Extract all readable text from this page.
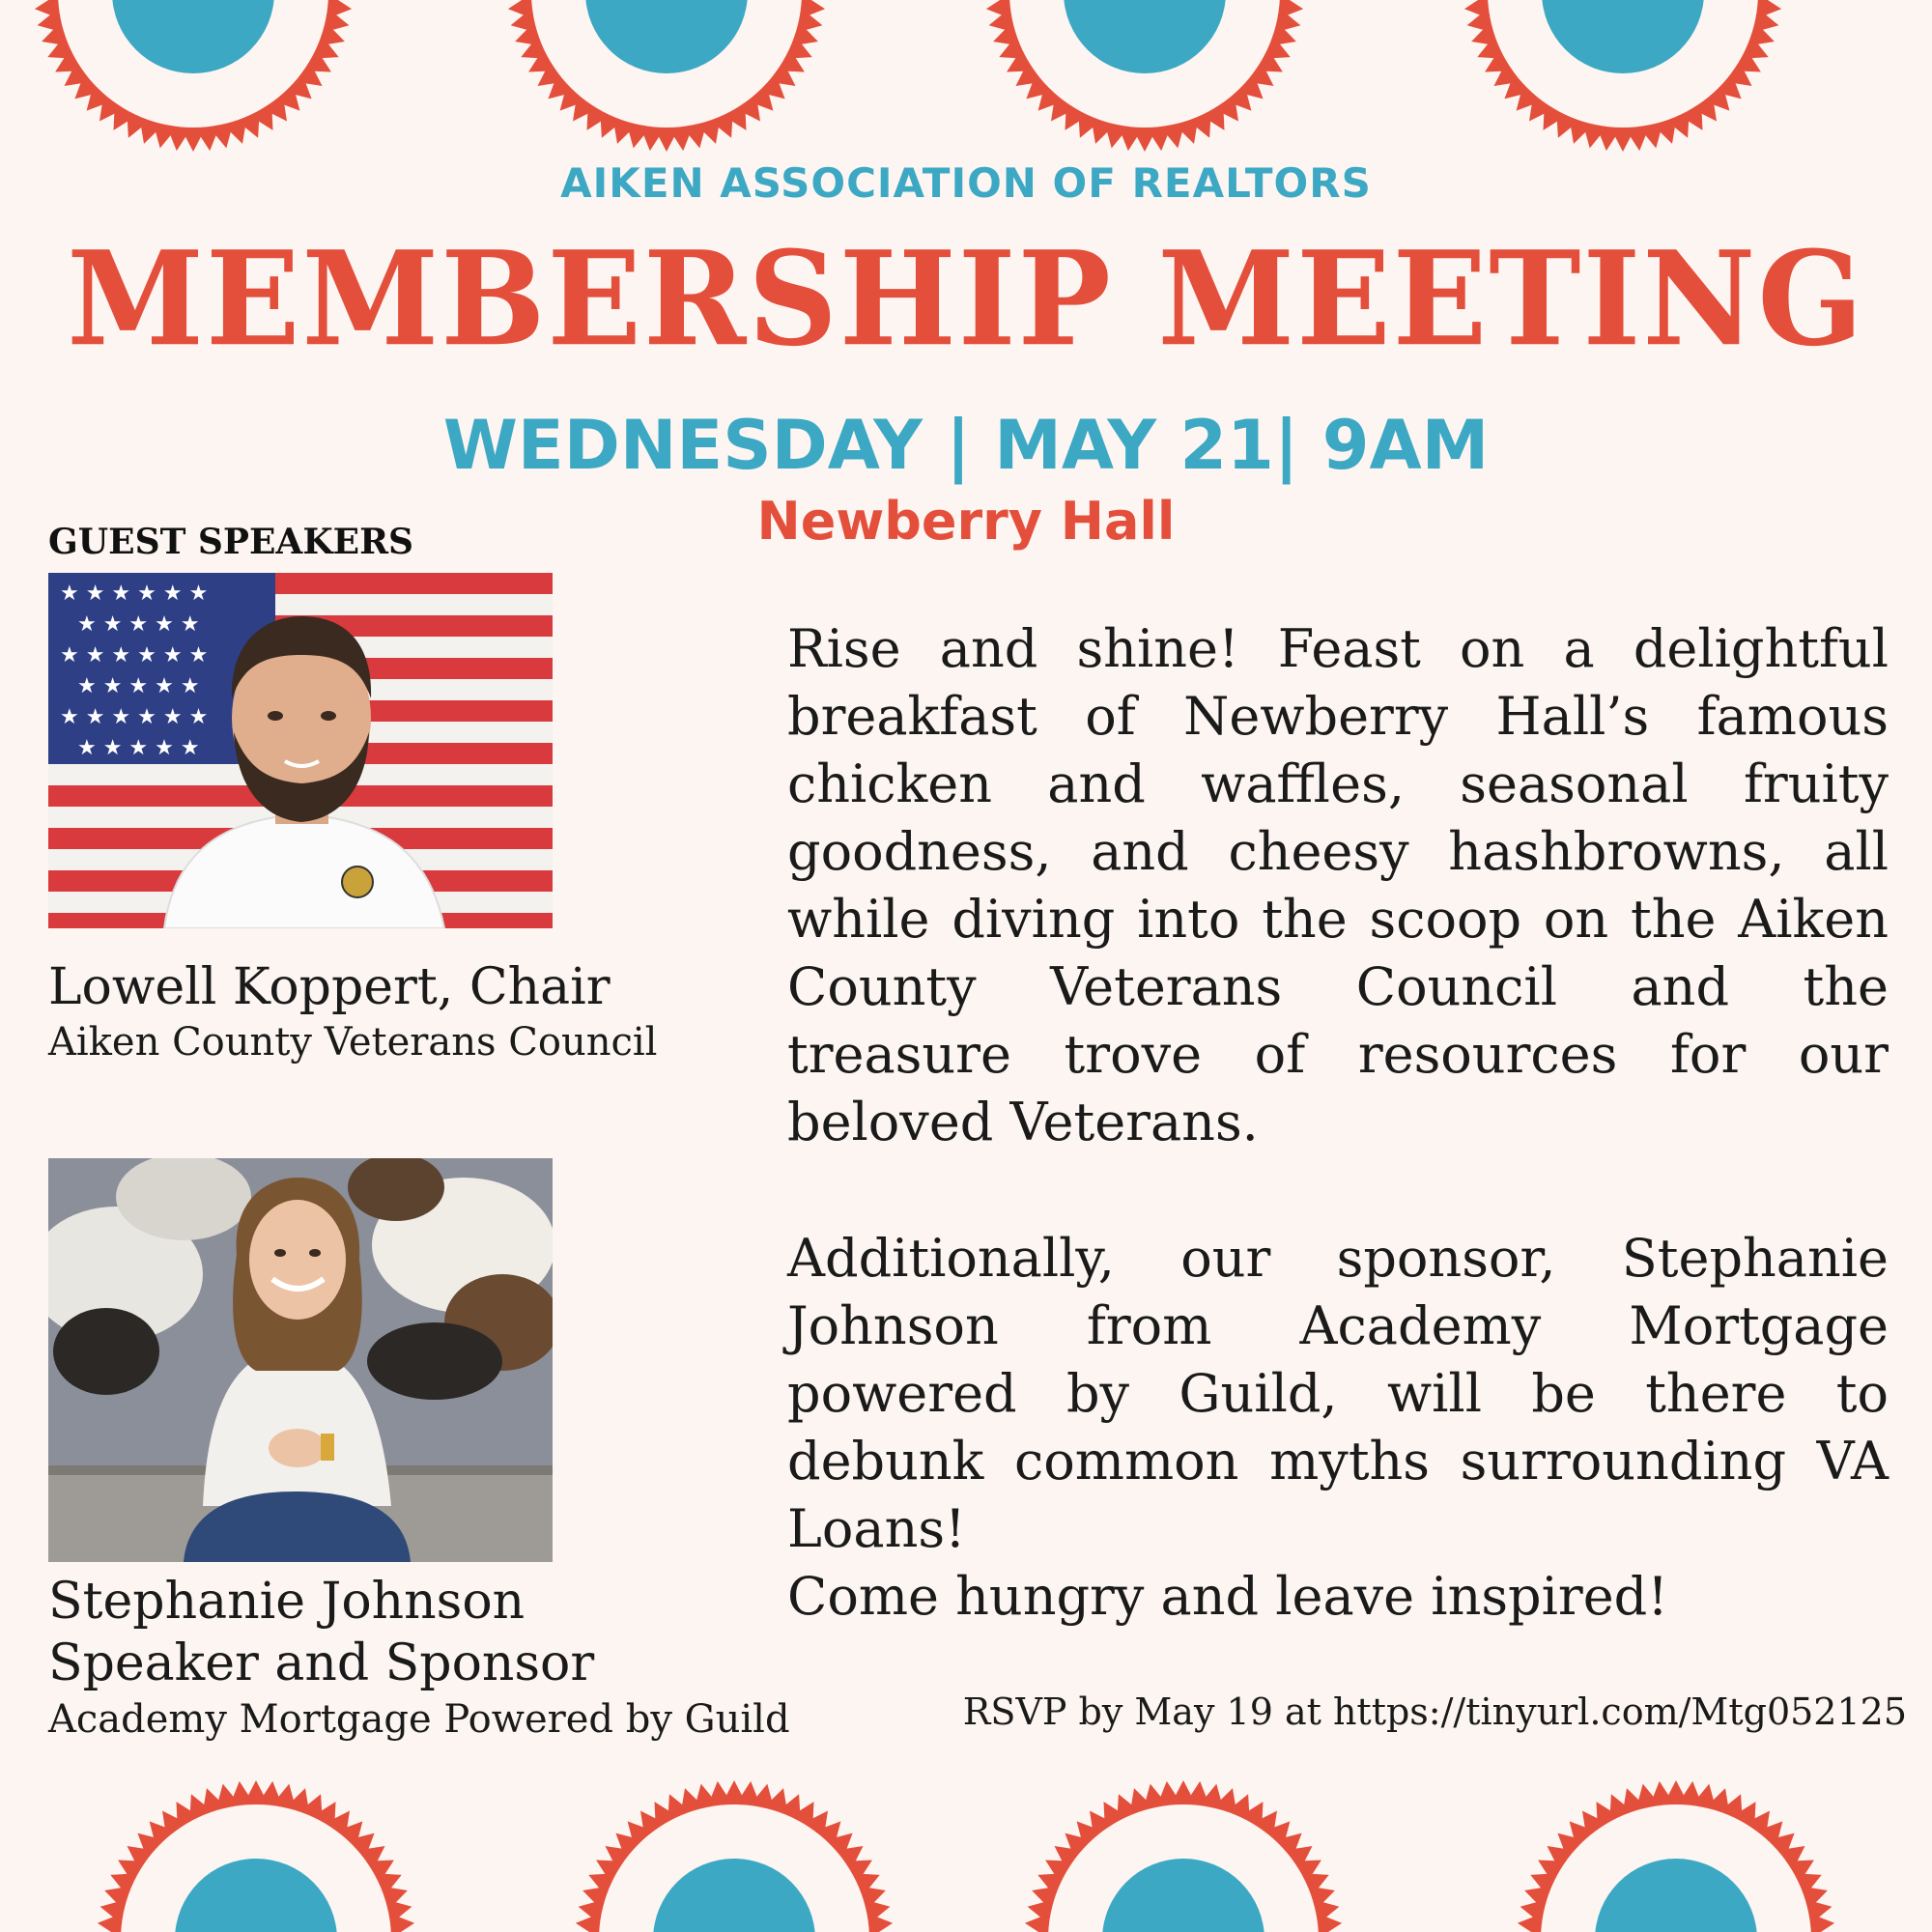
AIKEN ASSOCIATION OF REALTORS
MEMBERSHIP MEETING
WEDNESDAY | MAY 21| 9AM
Newberry Hall
GUEST SPEAKERS
★ ★ ★ ★ ★ ★
★ ★ ★ ★ ★
★ ★ ★ ★ ★ ★
★ ★ ★ ★ ★
★ ★ ★ ★ ★ ★
★ ★ ★ ★ ★
Lowell Koppert, Chair
Aiken County Veterans Council
Stephanie Johnson
Speaker and Sponsor
Academy Mortgage Powered by Guild

Rise and shine! Feast on a delightful breakfast of Newberry Hall’s famous chicken and waffles, seasonal fruity goodness, and cheesy hashbrowns, all while diving into the scoop on the Aiken County Veterans Council and the treasure trove of resources for our beloved Veterans.

Additionally, our sponsor, Stephanie Johnson from Academy Mortgage powered by Guild, will be there to debunk common myths surrounding VA Loans!

Come hungry and leave inspired!

RSVP by May 19 at https://tinyurl.com/Mtg052125
